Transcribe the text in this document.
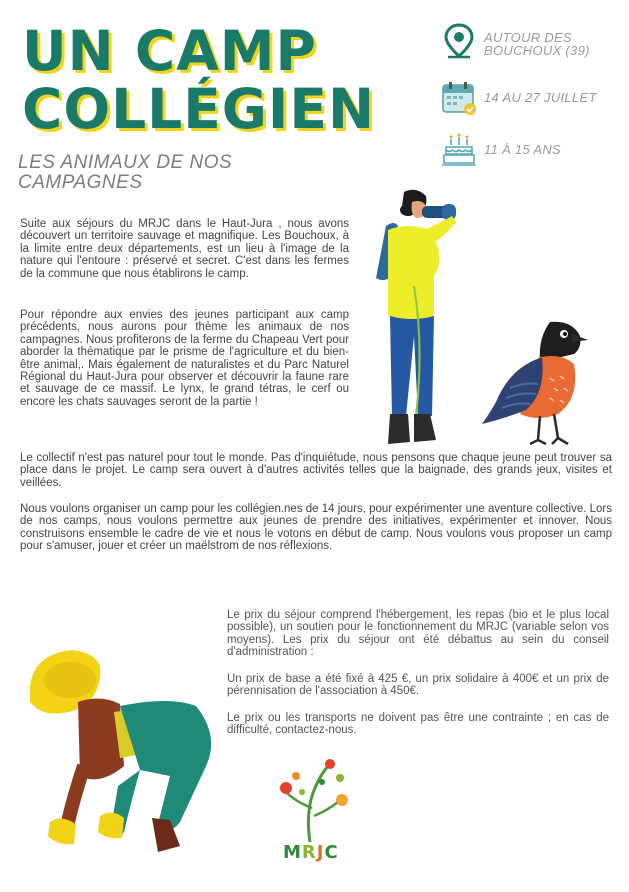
UN CAMP
COLLÉGIEN
LES ANIMAUX DE NOS CAMPAGNES
AUTOUR DES BOUCHOUX (39)
14 AU 27 JUILLET
11 À 15 ANS

Suite aux séjours du MRJC dans le Haut-Jura , nous avons découvert un territoire sauvage et magnifique. Les Bouchoux, à la limite entre deux départements, est un lieu à l'image de la nature qui l'entoure : préservé et secret. C'est dans les fermes de la commune que nous établirons le camp.

Pour répondre aux envies des jeunes participant aux camp précédents, nous aurons pour thème les animaux de nos campagnes. Nous profiterons de la ferme du Chapeau Vert pour aborder la thématique par le prisme de l'agriculture et du bien-être animal,. Mais également de naturalistes et du Parc Naturel Régional du Haut-Jura pour observer et découvrir la faune rare et sauvage de ce massif. Le lynx, le grand tétras, le cerf ou encore les chats sauvages seront de la partie !

Le collectif n'est pas naturel pour tout le monde. Pas d'inquiétude, nous pensons que chaque jeune peut trouver sa place dans le projet. Le camp sera ouvert à d'autres activités telles que la baignade, des grands jeux, visites et veillées.

Nous voulons organiser un camp pour les collégien.nes de 14 jours, pour expérimenter une aventure collective. Lors de nos camps, nous voulons permettre aux jeunes de prendre des initiatives, expérimenter et innover. Nous construisons ensemble le cadre de vie et nous le votons en début de camp. Nous voulons vous proposer un camp pour s'amuser, jouer et créer un maëlstrom de nos réflexions.

Le prix du séjour comprend l'hébergement, les repas (bio et le plus local possible), un soutien pour le fonctionnement du MRJC (variable selon vos moyens). Les prix du séjour ont été débattus au sein du conseil d'administration :

Un prix de base a été fixé à 425 €, un prix solidaire à 400€ et un prix de pérennisation de l'association à 450€.

Le prix ou les transports ne doivent pas être une contrainte ; en cas de difficulté, contactez-nous.

MRJC
